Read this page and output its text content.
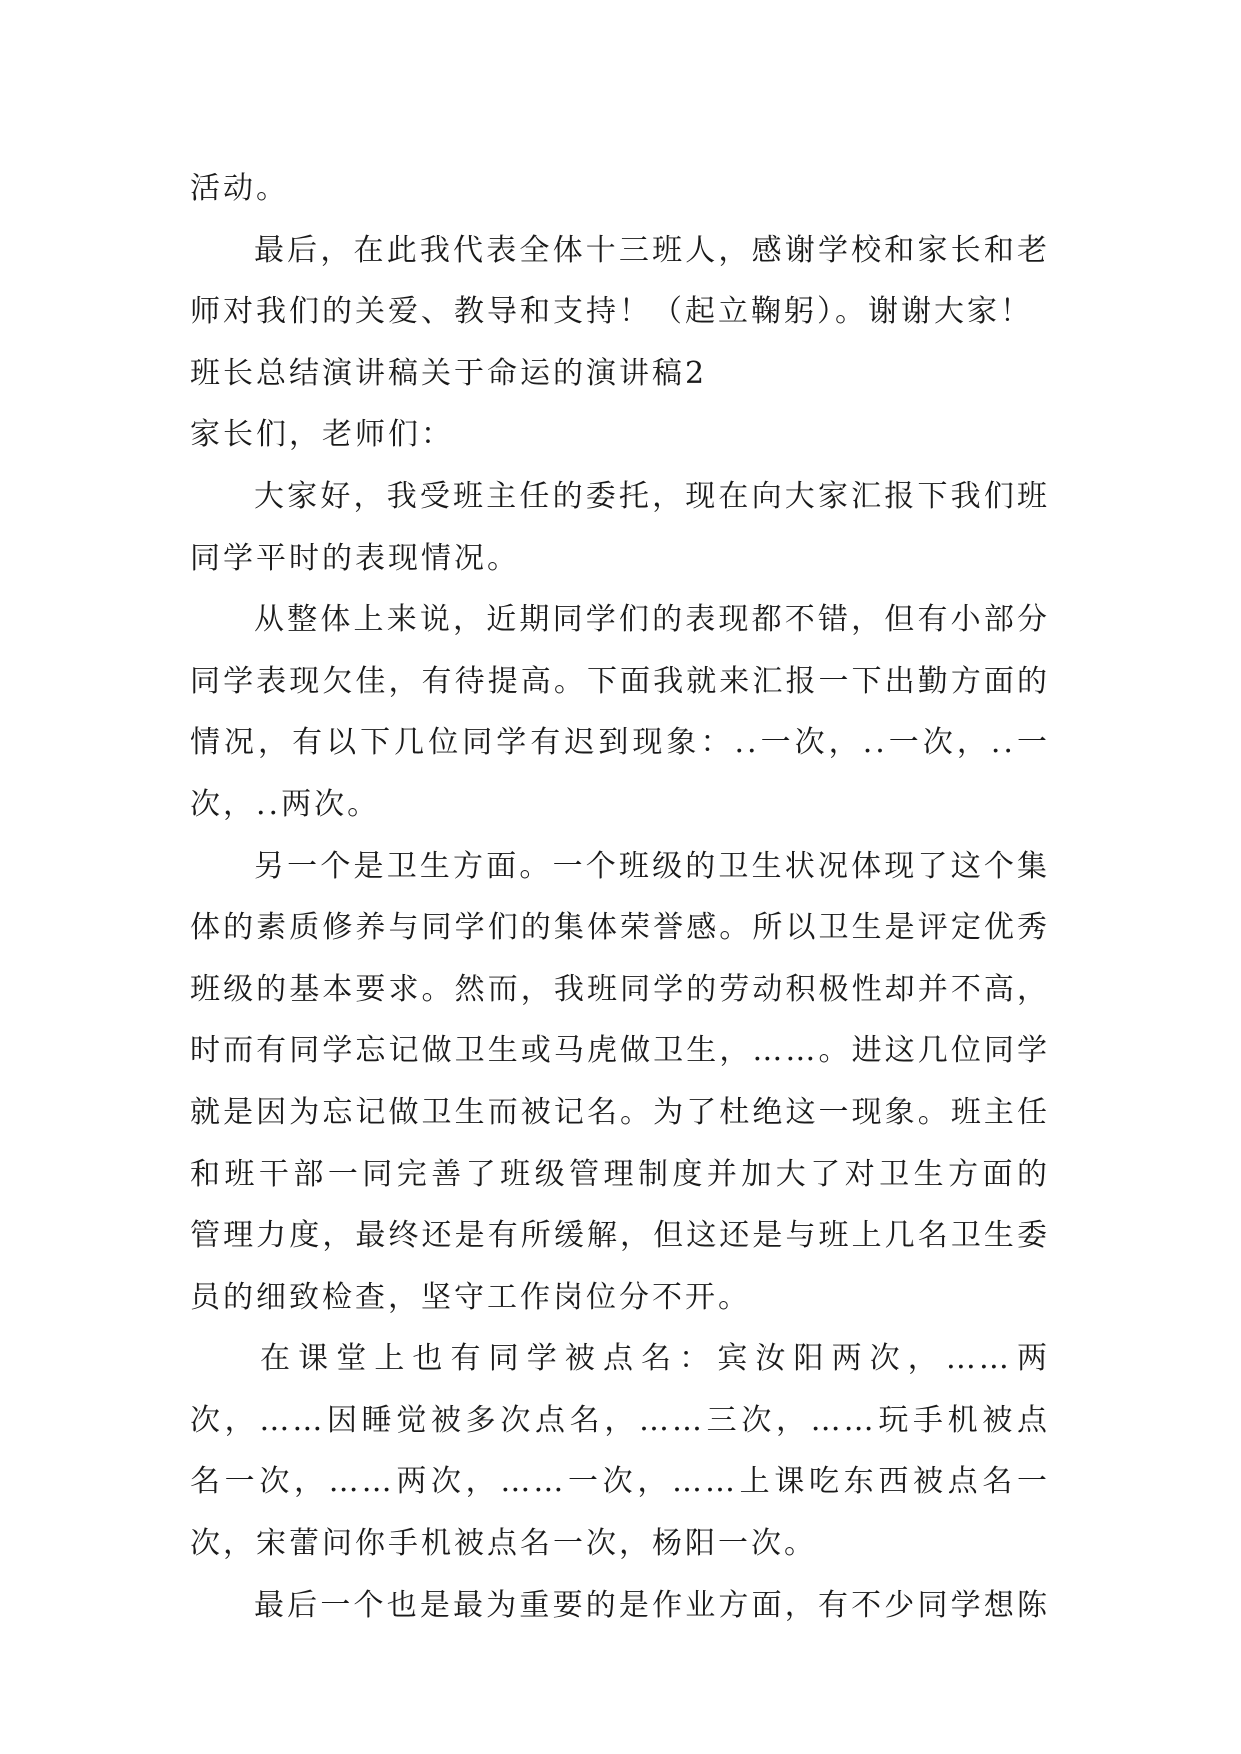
活动。
最后，在此我代表全体十三班人，感谢学校和家长和老
师对我们的关爱、教导和支持！（起立鞠躬）。谢谢大家！
班长总结演讲稿关于命运的演讲稿2
家长们，老师们：
大家好，我受班主任的委托，现在向大家汇报下我们班
同学平时的表现情况。
从整体上来说，近期同学们的表现都不错，但有小部分
同学表现欠佳，有待提高。下面我就来汇报一下出勤方面的
情况，有以下几位同学有迟到现象：..一次，..一次，..一
次，..两次。
另一个是卫生方面。一个班级的卫生状况体现了这个集
体的素质修养与同学们的集体荣誉感。所以卫生是评定优秀
班级的基本要求。然而，我班同学的劳动积极性却并不高，
时而有同学忘记做卫生或马虎做卫生，……。进这几位同学
就是因为忘记做卫生而被记名。为了杜绝这一现象。班主任
和班干部一同完善了班级管理制度并加大了对卫生方面的
管理力度，最终还是有所缓解，但这还是与班上几名卫生委
员的细致检查，坚守工作岗位分不开。
在课堂上也有同学被点名：宾汝阳两次，……两
次，……因睡觉被多次点名，……三次，……玩手机被点
名一次，……两次，……一次，……上课吃东西被点名一
次，宋蕾问你手机被点名一次，杨阳一次。
最后一个也是最为重要的是作业方面，有不少同学想陈
